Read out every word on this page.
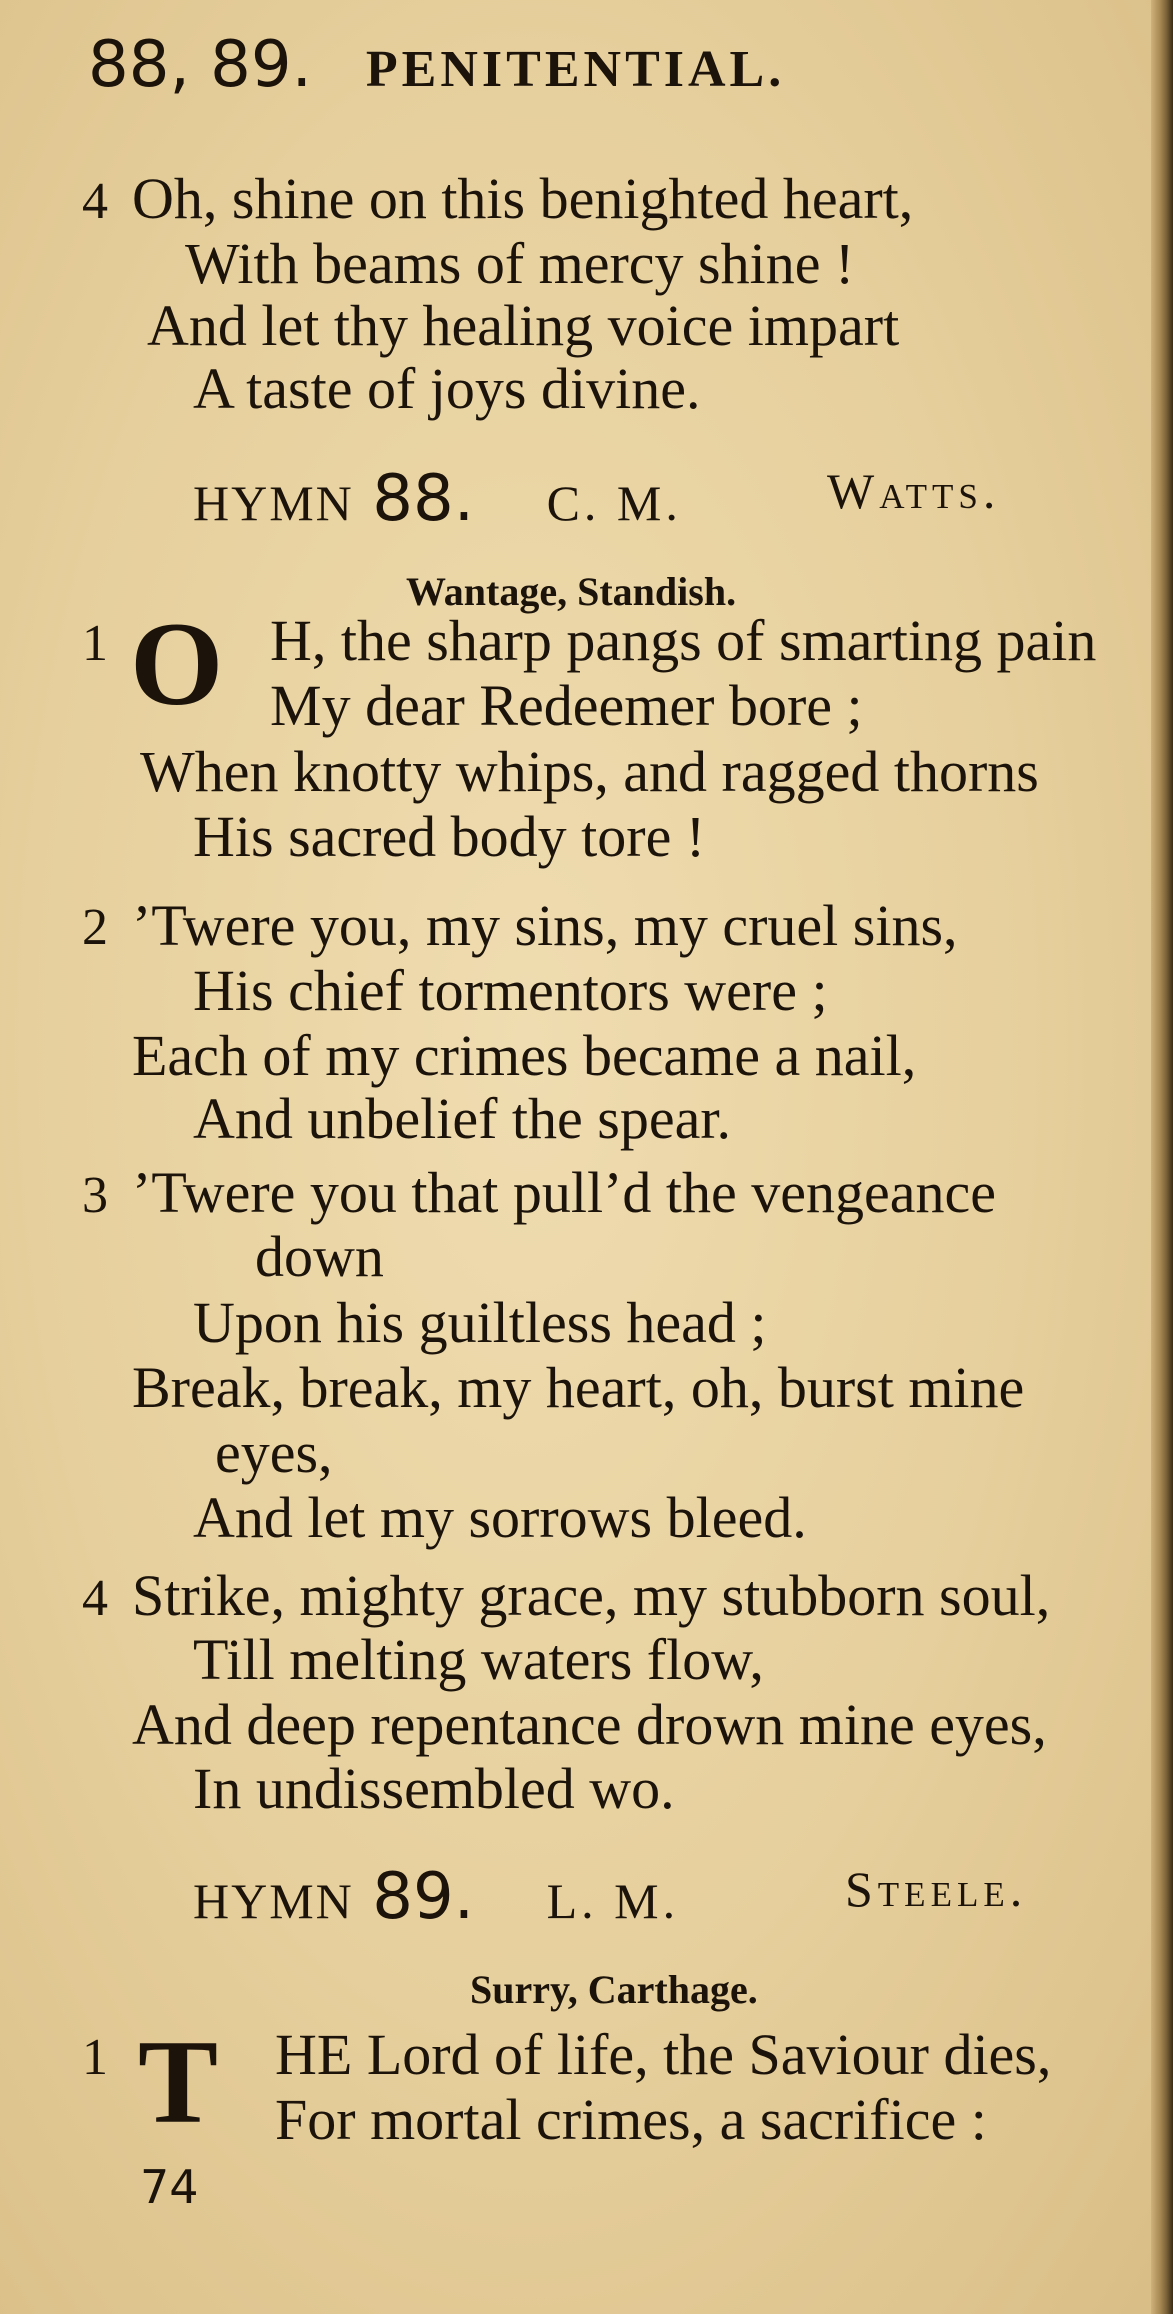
88, 89. PENITENTIAL.
4 Oh, shine on this benighted heart,
With beams of mercy shine !
And let thy healing voice impart
A taste of joys divine.
HYMN 88. C. M.	Watts.
Wantage, Standish.
1 O H, the sharp pangs of smarting pain
My dear Redeemer bore ;
When knotty whips, and ragged thorns
His sacred body tore !
2 ’Twere you, my sins, my cruel sins,
His chief tormentors were ;
Each of my crimes became a nail,
And unbelief the spear.
3 ’Twere you that pull’d the vengeance
down
Upon his guiltless head ;
Break, break, my heart, oh, burst mine
eyes,
And let my sorrows bleed.
4 Strike, mighty grace, my stubborn soul,
Till melting waters flow,
And deep repentance drown mine eyes,
In undissembled wo.
HYMN 89. L. M.	Steele.
Surry, Carthage.
1 T HE Lord of life, the Saviour dies,
For mortal crimes, a sacrifice :
74
